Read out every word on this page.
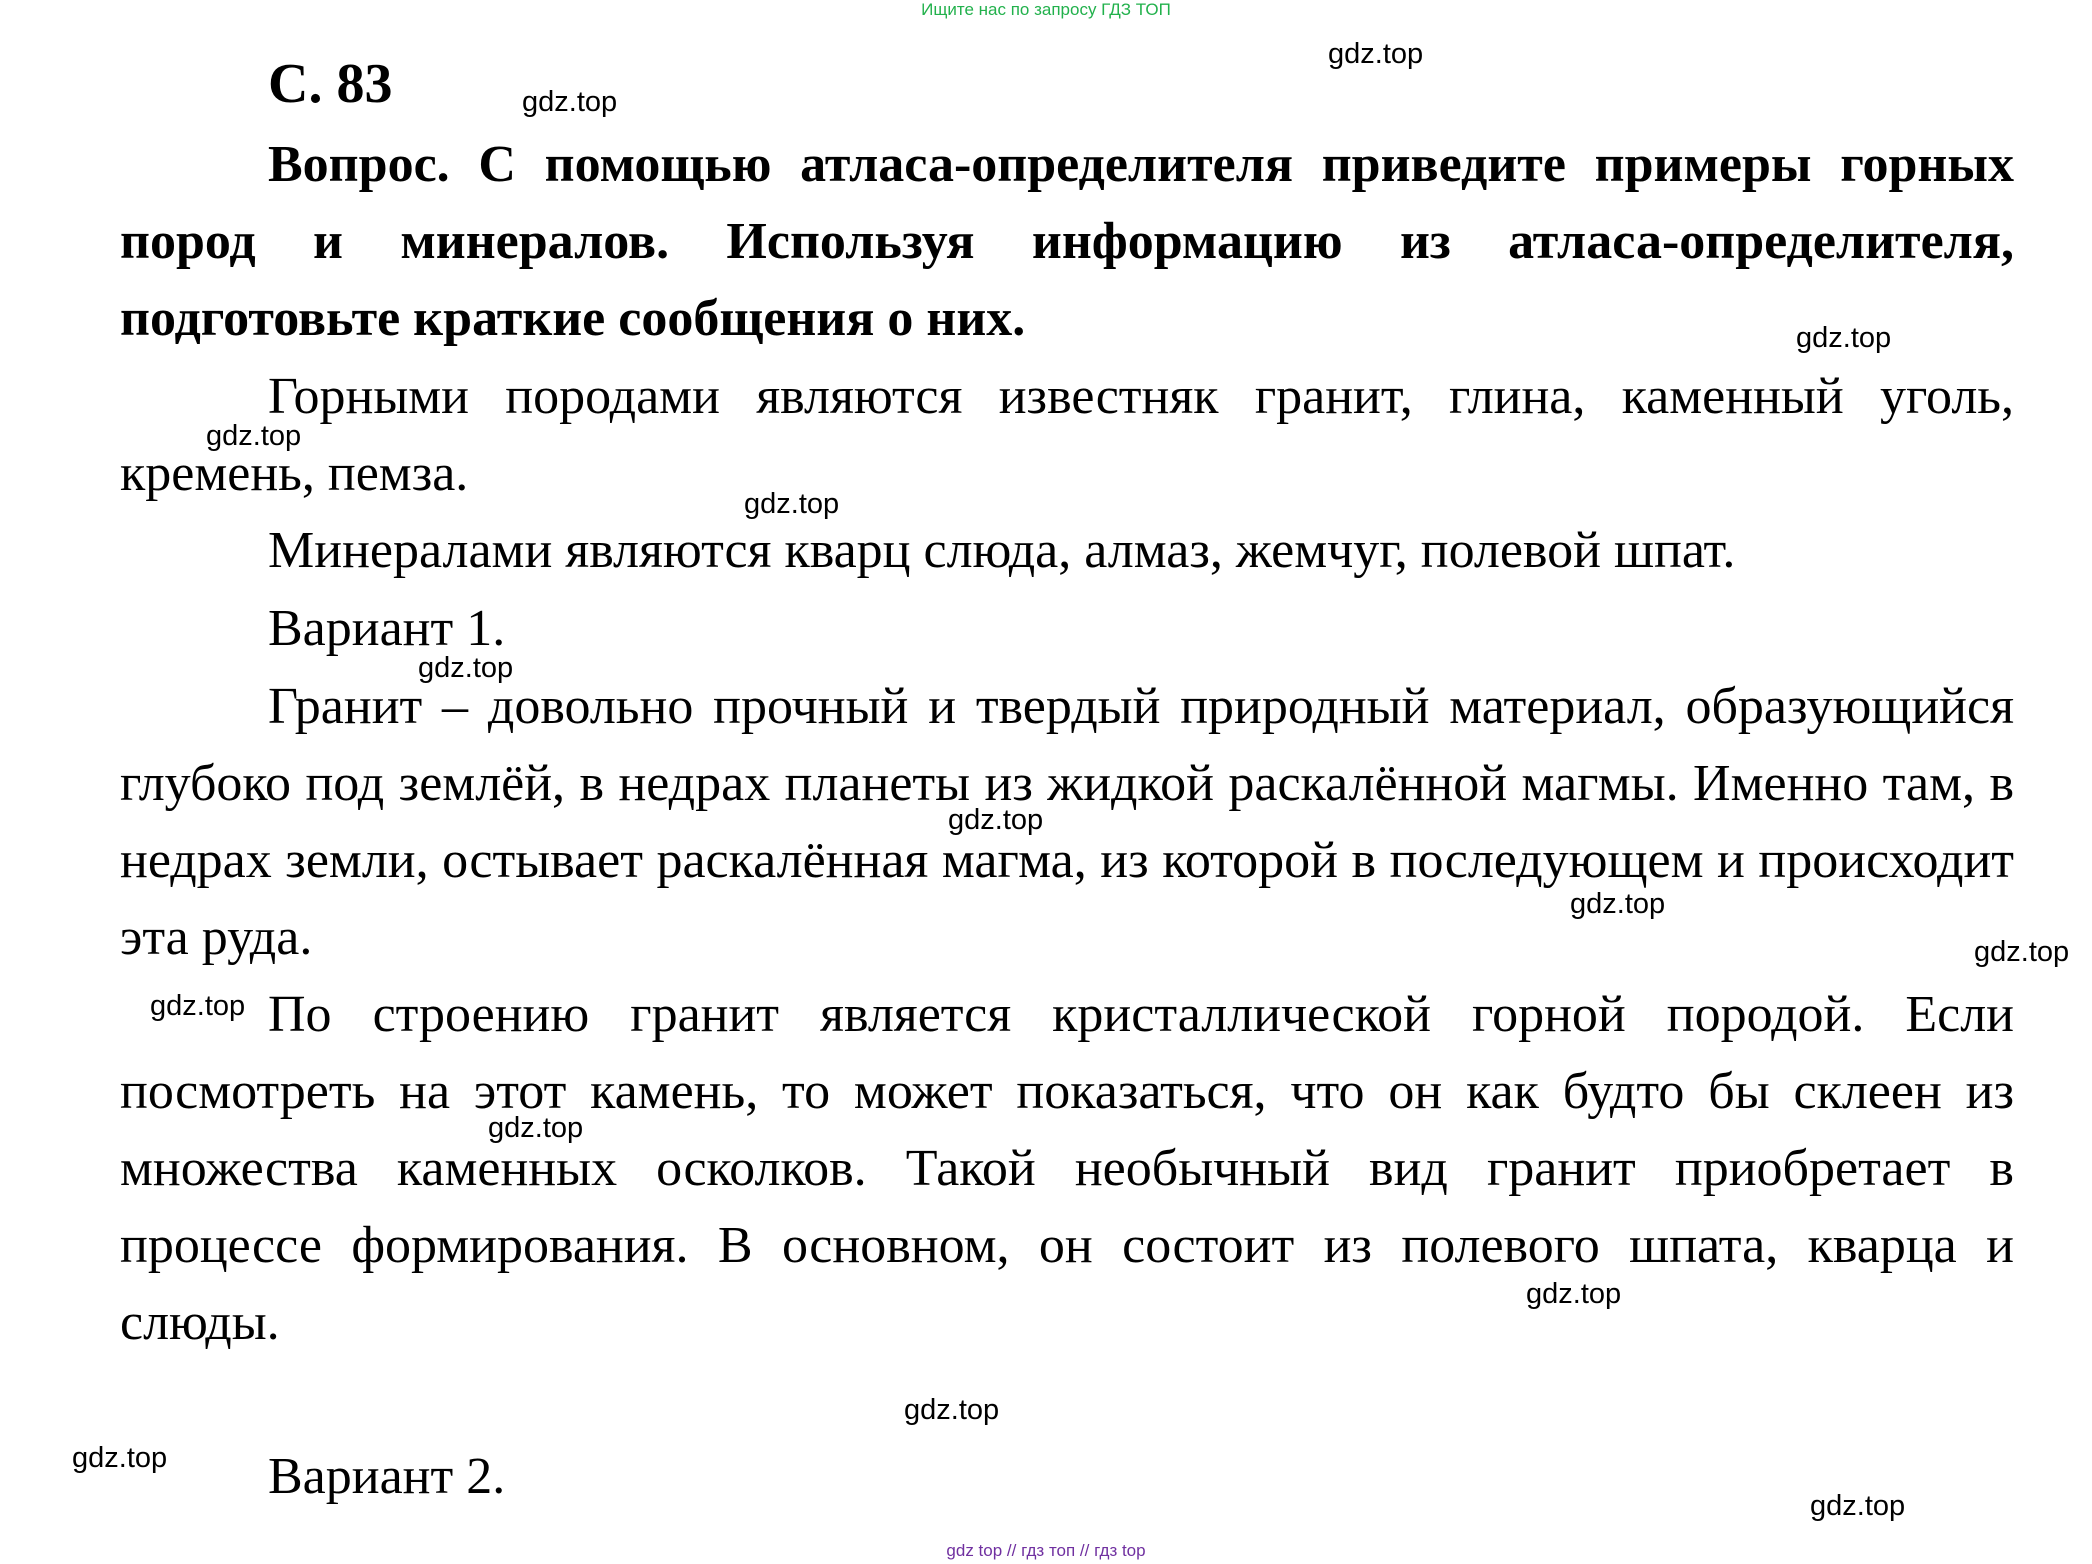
Ищите нас по запросу ГДЗ ТОП
С. 83

Вопрос. С помощью атласа-определителя приведите примеры горных пород и минералов. Используя информацию из атласа-определителя, подготовьте краткие сообщения о них.

Горными породами являются известняк гранит, глина, каменный уголь, кремень, пемза.

Минералами являются кварц слюда, алмаз, жемчуг, полевой шпат.

Вариант 1.

Гранит – довольно прочный и твердый природный материал, образующийся глубоко под землёй, в недрах планеты из жидкой раскалённой магмы. Именно там, в недрах земли, остывает раскалённая магма, из которой в последующем и происходит эта руда.

По строению гранит является кристаллической горной породой. Если посмотреть на этот камень, то может показаться, что он как будто бы склеен из множества каменных осколков. Такой необычный вид гранит приобретает в процессе формирования. В основном, он состоит из полевого шпата, кварца и слюды.

Вариант 2.

gdz.top
gdz.top
gdz.top
gdz.top
gdz.top
gdz.top
gdz.top
gdz.top
gdz.top
gdz.top
gdz.top
gdz.top
gdz.top
gdz.top
gdz.top
gdz top // гдз топ // гдз top
